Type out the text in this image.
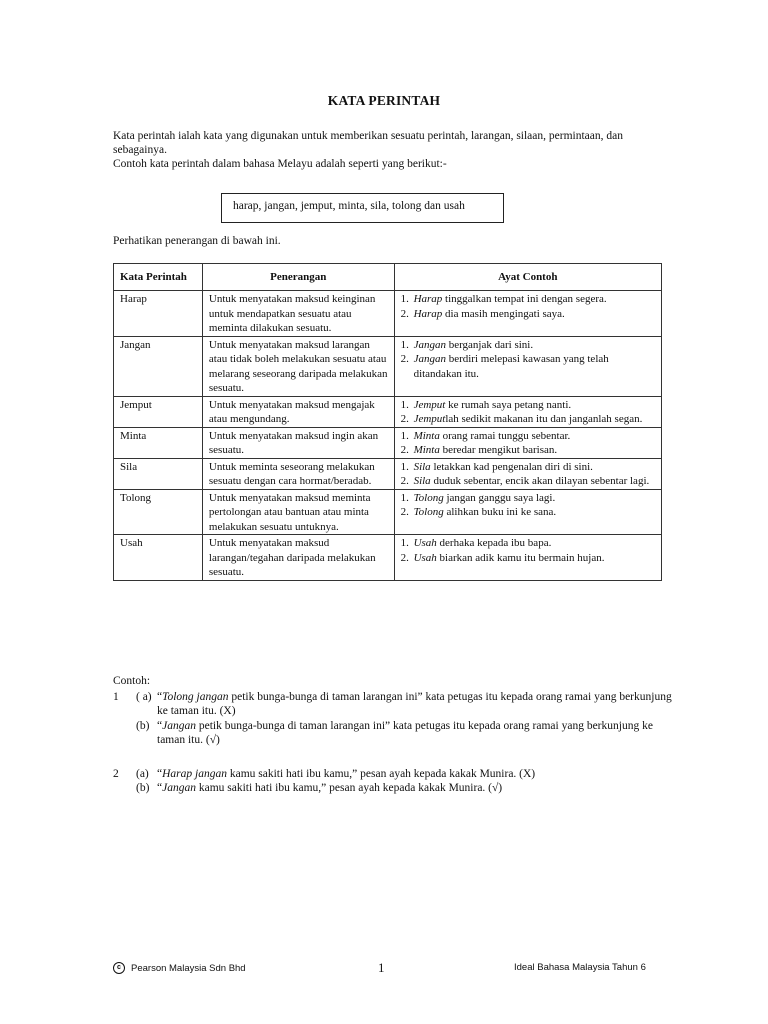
KATA PERINTAH

Kata perintah ialah kata yang digunakan untuk memberikan sesuatu perintah, larangan, silaan, permintaan, dan sebagainya.

Contoh kata perintah dalam bahasa Melayu adalah seperti yang berikut:-

harap, jangan, jemput, minta, sila, tolong dan usah
Perhatikan penerangan di bawah ini.
Kata Perintah	Penerangan	Ayat Contoh
Harap	Untuk menyatakan maksud keinginan untuk mendapatkan sesuatu atau meminta dilakukan sesuatu.	1. Harap tinggalkan tempat ini dengan segera.
2. Harap dia masih mengingati saya.

Jangan	Untuk menyatakan maksud larangan atau tidak boleh melakukan sesuatu atau melarang seseorang daripada melakukan sesuatu.	1. Jangan berganjak dari sini.
2. Jangan berdiri melepasi kawasan yang telah ditandakan itu.

Jemput	Untuk menyatakan maksud mengajak atau mengundang.	1. Jemput ke rumah saya petang nanti.
2. Jemputlah sedikit makanan itu dan janganlah segan.

Minta	Untuk menyatakan maksud ingin akan sesuatu.	1. Minta orang ramai tunggu sebentar.
2. Minta beredar mengikut barisan.

Sila	Untuk meminta seseorang melakukan sesuatu dengan cara hormat/beradab.	1. Sila letakkan kad pengenalan diri di sini.
2. Sila duduk sebentar, encik akan dilayan sebentar lagi.

Tolong	Untuk menyatakan maksud meminta pertolongan atau bantuan atau minta melakukan sesuatu untuknya.	1. Tolong jangan ganggu saya lagi.
2. Tolong alihkan buku ini ke sana.

Usah	Untuk menyatakan maksud larangan/tegahan daripada melakukan sesuatu.	1. Usah derhaka kepada ibu bapa.
2. Usah biarkan adik kamu itu bermain hujan.
Contoh:
1	( a) “Tolong jangan petik bunga-bunga di taman larangan ini” kata petugas itu kepada orang ramai yang berkunjung ke taman itu. (X)
(b) “Jangan petik bunga-bunga di taman larangan ini” kata petugas itu kepada orang ramai yang berkunjung ke taman itu. (√)
2	(a) “Harap jangan kamu sakiti hati ibu kamu,” pesan ayah kepada kakak Munira. (X)
(b) “Jangan kamu sakiti hati ibu kamu,” pesan ayah kepada kakak Munira. (√)
c	Pearson Malaysia Sdn Bhd	1	Ideal Bahasa Malaysia Tahun 6
